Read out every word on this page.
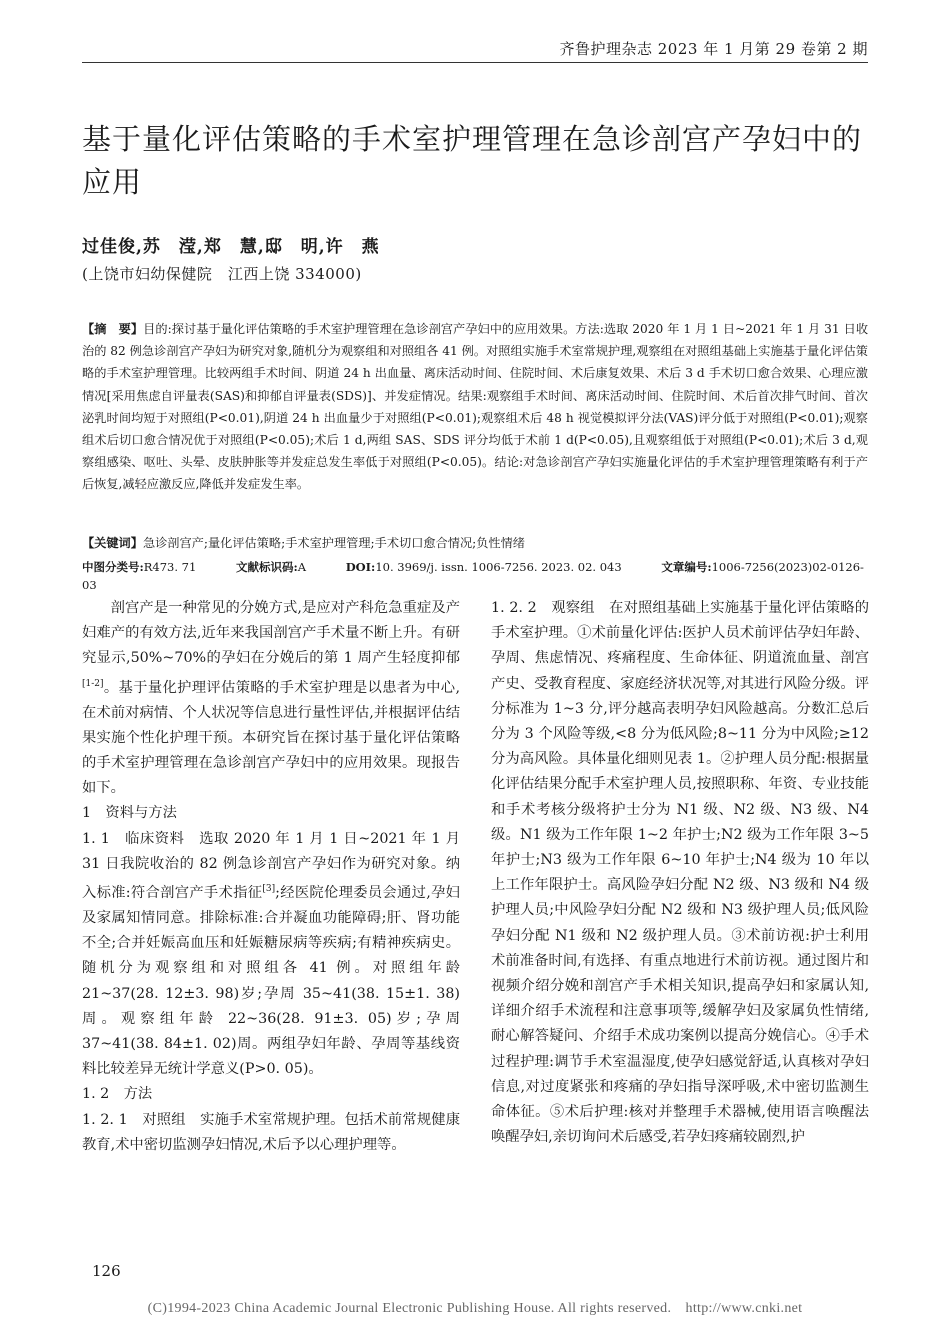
齐鲁护理杂志 2023 年 1 月第 29 卷第 2 期
基于量化评估策略的手术室护理管理在急诊剖宫产孕妇中的应用
过佳俊,苏　滢,郑　慧,邸　明,许　燕
(上饶市妇幼保健院　江西上饶 334000)
【摘　要】目的:探讨基于量化评估策略的手术室护理管理在急诊剖宫产孕妇中的应用效果。方法:选取 2020 年 1 月 1 日~2021 年 1 月 31 日收治的 82 例急诊剖宫产孕妇为研究对象,随机分为观察组和对照组各 41 例。对照组实施手术室常规护理,观察组在对照组基础上实施基于量化评估策略的手术室护理管理。比较两组手术时间、阴道 24 h 出血量、离床活动时间、住院时间、术后康复效果、术后 3 d 手术切口愈合效果、心理应激情况[采用焦虑自评量表(SAS)和抑郁自评量表(SDS)]、并发症情况。结果:观察组手术时间、离床活动时间、住院时间、术后首次排气时间、首次泌乳时间均短于对照组(P<0.01),阴道 24 h 出血量少于对照组(P<0.01);观察组术后 48 h 视觉模拟评分法(VAS)评分低于对照组(P<0.01);观察组术后切口愈合情况优于对照组(P<0.05);术后 1 d,两组 SAS、SDS 评分均低于术前 1 d(P<0.05),且观察组低于对照组(P<0.01);术后 3 d,观察组感染、呕吐、头晕、皮肤肿胀等并发症总发生率低于对照组(P<0.05)。结论:对急诊剖宫产孕妇实施量化评估的手术室护理管理策略有利于产后恢复,减轻应激反应,降低并发症发生率。
【关键词】急诊剖宫产;量化评估策略;手术室护理管理;手术切口愈合情况;负性情绪
中图分类号:R473. 71	文献标识码:A	DOI:10. 3969/j. issn. 1006-7256. 2023. 02. 043	文章编号:1006-7256(2023)02-0126-03

剖宫产是一种常见的分娩方式,是应对产科危急重症及产妇难产的有效方法,近年来我国剖宫产手术量不断上升。有研究显示,50%~70%的孕妇在分娩后的第 1 周产生轻度抑郁[1-2]。基于量化护理评估策略的手术室护理是以患者为中心,在术前对病情、个人状况等信息进行量性评估,并根据评估结果实施个性化护理干预。本研究旨在探讨基于量化评估策略的手术室护理管理在急诊剖宫产孕妇中的应用效果。现报告如下。

1　资料与方法

1. 1　临床资料　选取 2020 年 1 月 1 日~2021 年 1 月 31 日我院收治的 82 例急诊剖宫产孕妇作为研究对象。纳入标准:符合剖宫产手术指征[3];经医院伦理委员会通过,孕妇及家属知情同意。排除标准:合并凝血功能障碍;肝、肾功能不全;合并妊娠高血压和妊娠糖尿病等疾病;有精神疾病史。随机分为观察组和对照组各 41 例。对照组年龄 21~37(28. 12±3. 98)岁;孕周 35~41(38. 15±1. 38)周。观察组年龄 22~36(28. 91±3. 05)岁;孕周 37~41(38. 84±1. 02)周。两组孕妇年龄、孕周等基线资料比较差异无统计学意义(P>0. 05)。

1. 2　方法

1. 2. 1　对照组　实施手术室常规护理。包括术前常规健康教育,术中密切监测孕妇情况,术后予以心理护理等。

1. 2. 2　观察组　在对照组基础上实施基于量化评估策略的手术室护理。①术前量化评估:医护人员术前评估孕妇年龄、孕周、焦虑情况、疼痛程度、生命体征、阴道流血量、剖宫产史、受教育程度、家庭经济状况等,对其进行风险分级。评分标准为 1~3 分,评分越高表明孕妇风险越高。分数汇总后分为 3 个风险等级,<8 分为低风险;8~11 分为中风险;≥12 分为高风险。具体量化细则见表 1。②护理人员分配:根据量化评估结果分配手术室护理人员,按照职称、年资、专业技能和手术考核分级将护士分为 N1 级、N2 级、N3 级、N4 级。N1 级为工作年限 1~2 年护士;N2 级为工作年限 3~5 年护士;N3 级为工作年限 6~10 年护士;N4 级为 10 年以上工作年限护士。高风险孕妇分配 N2 级、N3 级和 N4 级护理人员;中风险孕妇分配 N2 级和 N3 级护理人员;低风险孕妇分配 N1 级和 N2 级护理人员。③术前访视:护士利用术前准备时间,有选择、有重点地进行术前访视。通过图片和视频介绍分娩和剖宫产手术相关知识,提高孕妇和家属认知,详细介绍手术流程和注意事项等,缓解孕妇及家属负性情绪,耐心解答疑问、介绍手术成功案例以提高分娩信心。④手术过程护理:调节手术室温湿度,使孕妇感觉舒适,认真核对孕妇信息,对过度紧张和疼痛的孕妇指导深呼吸,术中密切监测生命体征。⑤术后护理:核对并整理手术器械,使用语言唤醒法唤醒孕妇,亲切询问术后感受,若孕妇疼痛较剧烈,护

126
(C)1994-2023 China Academic Journal Electronic Publishing House. All rights reserved.　http://www.cnki.net
